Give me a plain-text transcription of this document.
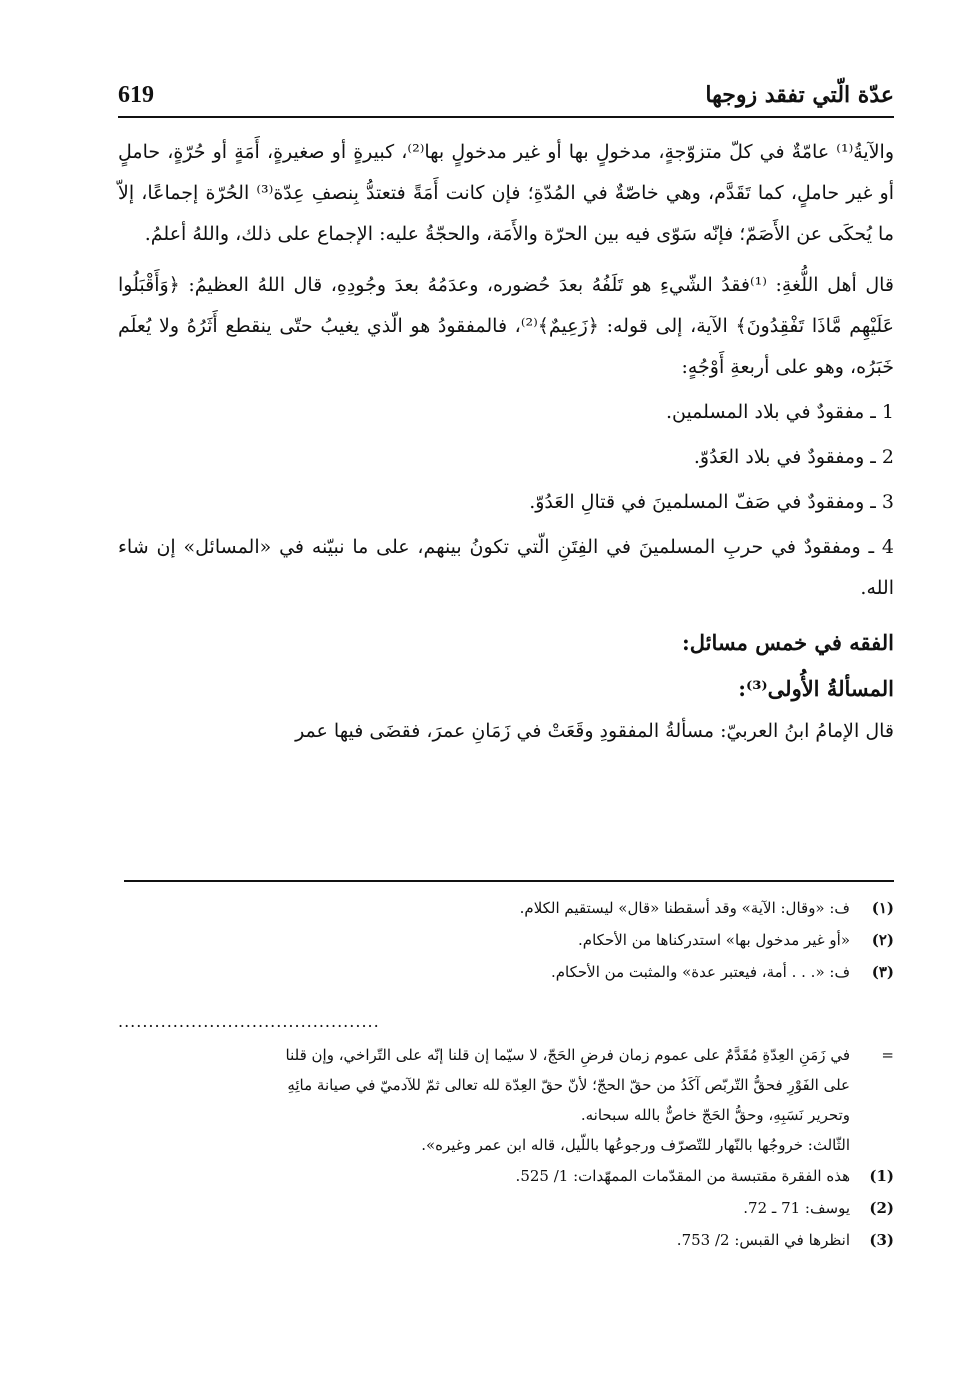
619	عدّة الّتي تفقد زوجها

والآيةُ⁽¹⁾ عامّةٌ في كلّ متزوّجةٍ، مدخولٍ بها أو غير مدخولٍ بها⁽²⁾، كبيرةٍ أو صغيرةٍ، أَمَةٍ أو حُرّةٍ، حاملٍ أو غير حاملٍ، كما تَقَدَّم، وهي خاصّةٌ في المُدّةِ؛ فإن كانت أَمَةً فتعتدُّ بِنصفِ عِدّة⁽³⁾ الحُرّة إجماعًا، إلاّ ما يُحكَى عن الأَصَمّ؛ فإنّه سَوّى فيه بين الحرّة والأَمَة، والحجّةُ عليه: الإجماع على ذلك، واللهُ أعلمُ.

قال أهل اللُّغةِ: ⁽¹⁾فقدُ الشّيءِ هو تَلَفُهُ بعدَ حُضوره، وعدَمُهُ بعدَ وجُودِهِ، قال اللهُ العظيمُ: ﴿وَأَقْبَلُوا عَلَيْهِم مَّاذَا تَفْقِدُونَ﴾ الآية، إلى قوله: ﴿زَعِيمٌ﴾⁽²⁾، فالمفقودُ هو الّذي يغيبُ حتّى ينقطع أَثَرُهُ ولا يُعلَم خَبَرُه، وهو على أربعةِ أَوْجُهٍ:

1 ـ مفقودٌ في بلاد المسلمين.

2 ـ ومفقودٌ في بلاد العَدُوّ.

3 ـ ومفقودٌ في صَفّ المسلمينَ في قتالِ العَدُوّ.

4 ـ ومفقودٌ في حربِ المسلمينَ في الفِتَنِ الّتي تكونُ بينهم، على ما نبيّنه في «المسائل» إن شاء الله.

الفقه في خمس مسائل:
المسألةُ الأُولى⁽³⁾:

قال الإمامُ ابنُ العربيّ: مسألةُ المفقودِ وقَعَتْ في زَمَانِ عمرَ، فقضَى فيها عمر

(١)ف: «وقال: الآية» وقد أسقطنا «قال» ليستقيم الكلام.

(٢)«أو غير مدخول بها» استدركناها من الأحكام.

(٣)ف: «. . . أمة، فيعتبر عدة» والمثبت من الأحكام.

...........................................

=في زَمَنِ العِدّةِ مُقَدَّمٌ على عموم زمان فرضِ الحَجّ، لا سيّما إن قلنا إنّه على التّراخي، وإن قلنا

على الفَوْرِ فحقُّ التّربّص آكَدُ من حقّ الحجّ؛ لأنّ حقّ العِدّة لله تعالى ثمّ للآدميّ في صيانة مائِهِ

وتحرير نَسَبِهِ، وحقُّ الحَجّ خاصٌّ بالله سبحانه.

الثّالث: خروجُها بالنّهار للتّصرّف ورجوعُها باللّيل، قاله ابن عمر وغيره».

(1)هذه الفقرة مقتبسة من المقدّمات الممهّدات: 1/ 525.

(2)يوسف: 71 ـ 72.

(3)انظرها في القبس: 2/ 753.
